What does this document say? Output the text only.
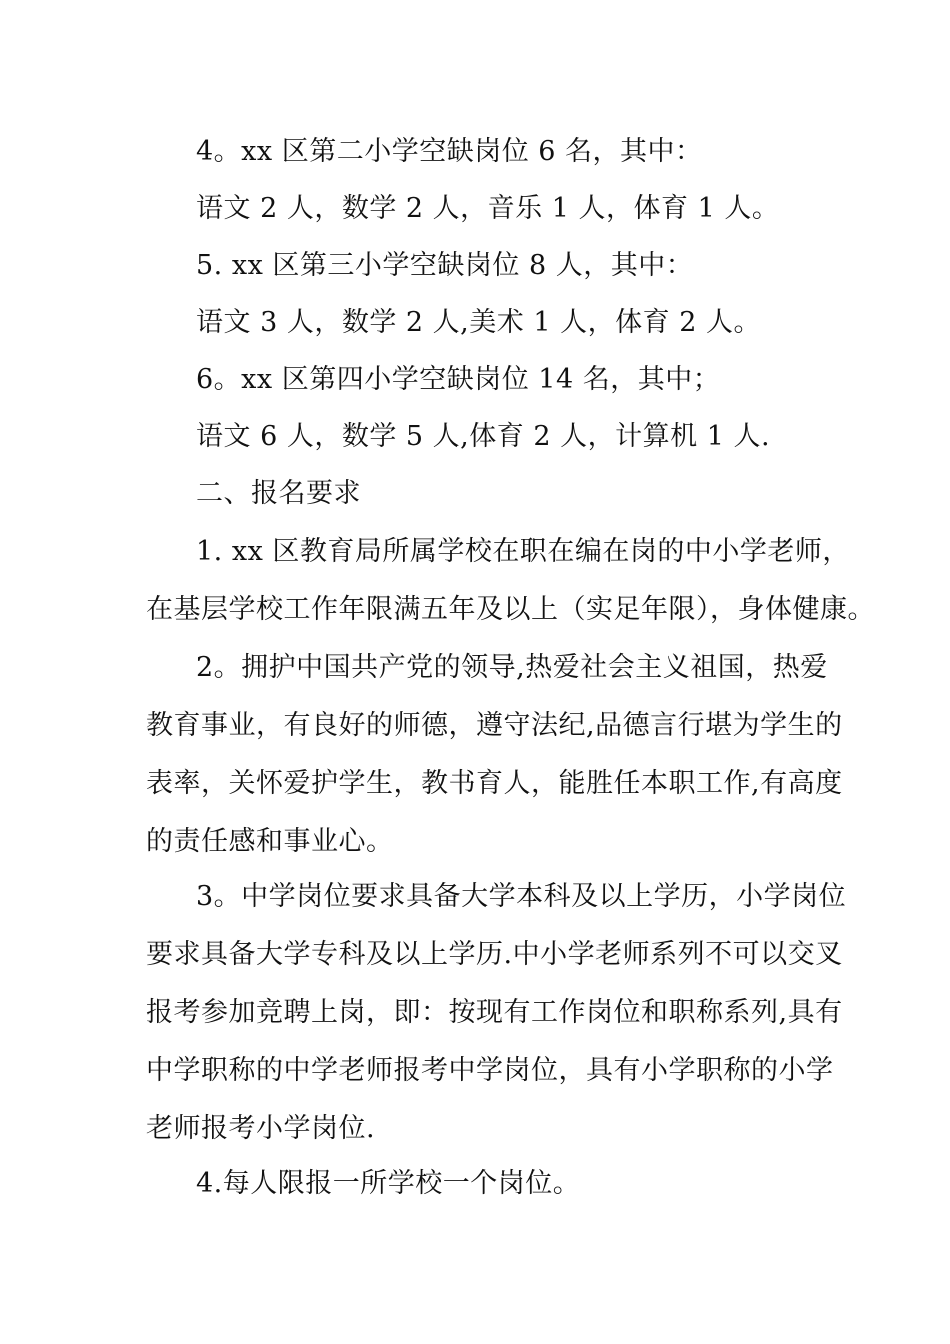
4。xx 区第二小学空缺岗位 6 名，其中：
语文 2 人，数学 2 人，音乐 1 人，体育 1 人。
5. xx 区第三小学空缺岗位 8 人，其中：
语文 3 人，数学 2 人,美术 1 人，体育 2 人。
6。xx 区第四小学空缺岗位 14 名，其中；
语文 6 人，数学 5 人,体育 2 人，计算机 1 人.
二、报名要求
1. xx 区教育局所属学校在职在编在岗的中小学老师，
在基层学校工作年限满五年及以上（实足年限），身体健康。
2。拥护中国共产党的领导,热爱社会主义祖国，热爱
教育事业，有良好的师德，遵守法纪,品德言行堪为学生的
表率，关怀爱护学生，教书育人，能胜任本职工作,有高度
的责任感和事业心。
3。中学岗位要求具备大学本科及以上学历，小学岗位
要求具备大学专科及以上学历.中小学老师系列不可以交叉
报考参加竞聘上岗，即：按现有工作岗位和职称系列,具有
中学职称的中学老师报考中学岗位，具有小学职称的小学
老师报考小学岗位.
4.每人限报一所学校一个岗位。
